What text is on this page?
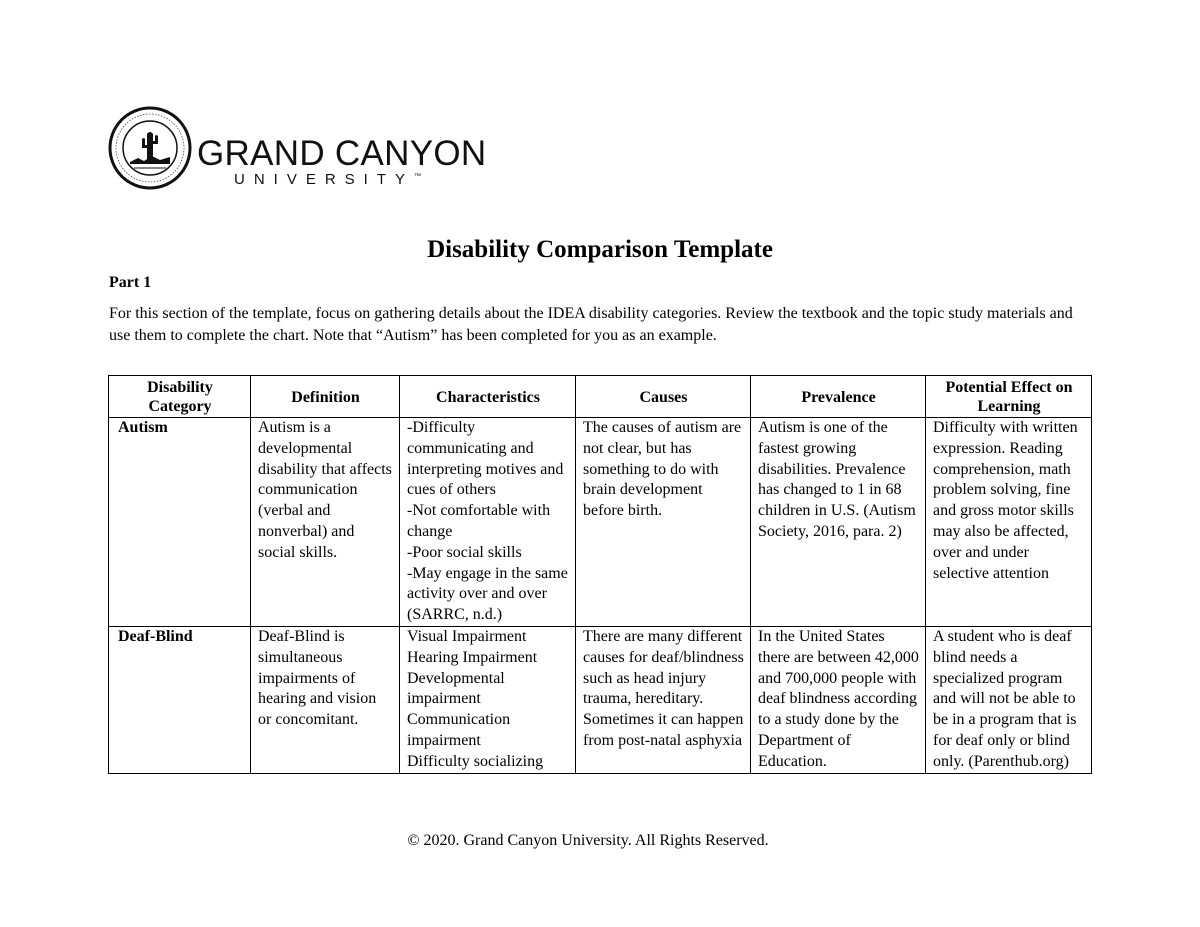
GRAND CANYON

UNIVERSITY™

Disability Comparison Template

Part 1

For this section of the template, focus on gathering details about the IDEA disability categories. Review the textbook and the topic study materials and use them to complete the chart. Note that “Autism” has been completed for you as an example.

Disability Category	Definition	Characteristics	Causes	Prevalence	Potential Effect on Learning
Autism	Autism is a developmental disability that affects communication (verbal and nonverbal) and social skills.	-Difficulty communicating and interpreting motives and cues of others
-Not comfortable with change
-Poor social skills
-May engage in the same activity over and over (SARRC, n.d.)	The causes of autism are not clear, but has something to do with brain development before birth.	Autism is one of the fastest growing disabilities. Prevalence has changed to 1 in 68 children in U.S. (Autism Society, 2016, para. 2)	Difficulty with written expression. Reading comprehension, math problem solving, fine and gross motor skills may also be affected, over and under selective attention
Deaf-Blind	Deaf-Blind is simultaneous impairments of hearing and vision or concomitant.	Visual Impairment
Hearing Impairment
Developmental impairment
Communication impairment
Difficulty socializing	There are many different causes for deaf/blindness such as head injury trauma, hereditary. Sometimes it can happen from post-natal asphyxia	In the United States there are between 42,000 and 700,000 people with deaf blindness according to a study done by the Department of Education.	A student who is deaf blind needs a specialized program and will not be able to be in a program that is for deaf only or blind only. (Parenthub.org)

© 2020. Grand Canyon University. All Rights Reserved.
